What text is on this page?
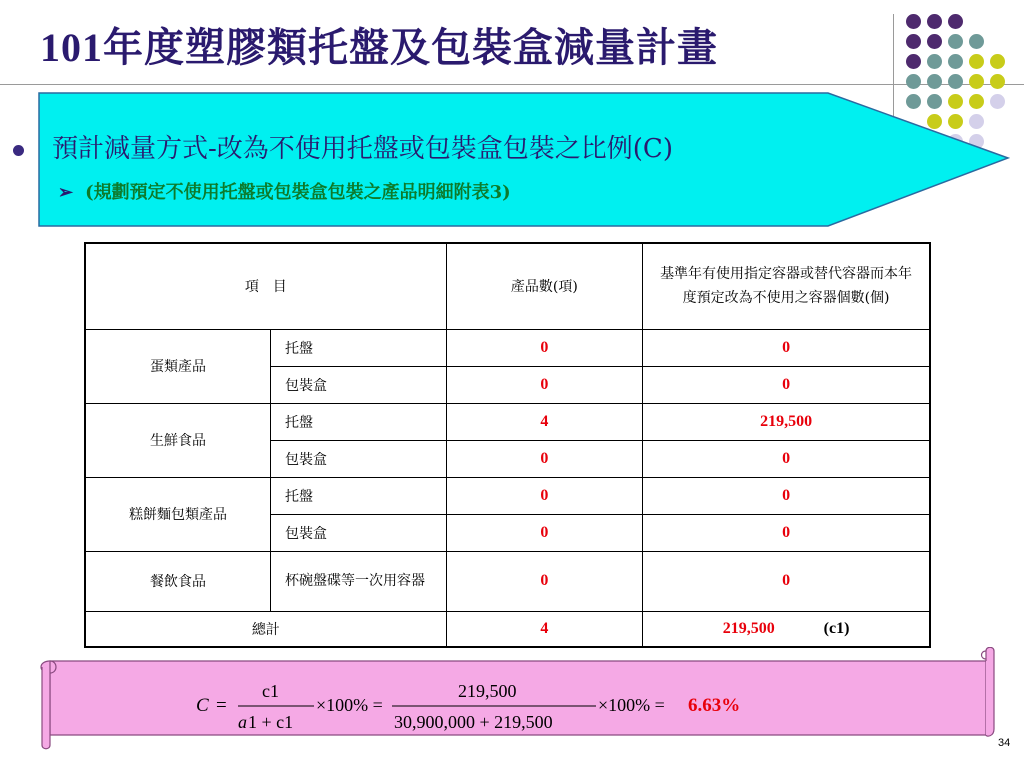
101年度塑膠類托盤及包裝盒減量計畫
預計減量方式-改為不使用托盤或包裝盒包裝之比例(C)
➢ (規劃預定不使用托盤或包裝盒包裝之產品明細附表3)
項　目		產品數(項)	基準年有使用指定容器或替代容器而本年度預定改為不使用之容器個數(個)
蛋類產品	托盤	0	0
	包裝盒	0	0
生鮮食品	托盤	4	219,500
	包裝盒	0	0
糕餅麵包類產品	托盤	0	0
	包裝盒	0	0
餐飲食品	杯碗盤碟等一次用容器	0	0
總計		4	219,500 (c1)
C =
c1
a 1 + c1
×100% =
219,500
30,900,000 + 219,500
×100% = 6.63%
34
